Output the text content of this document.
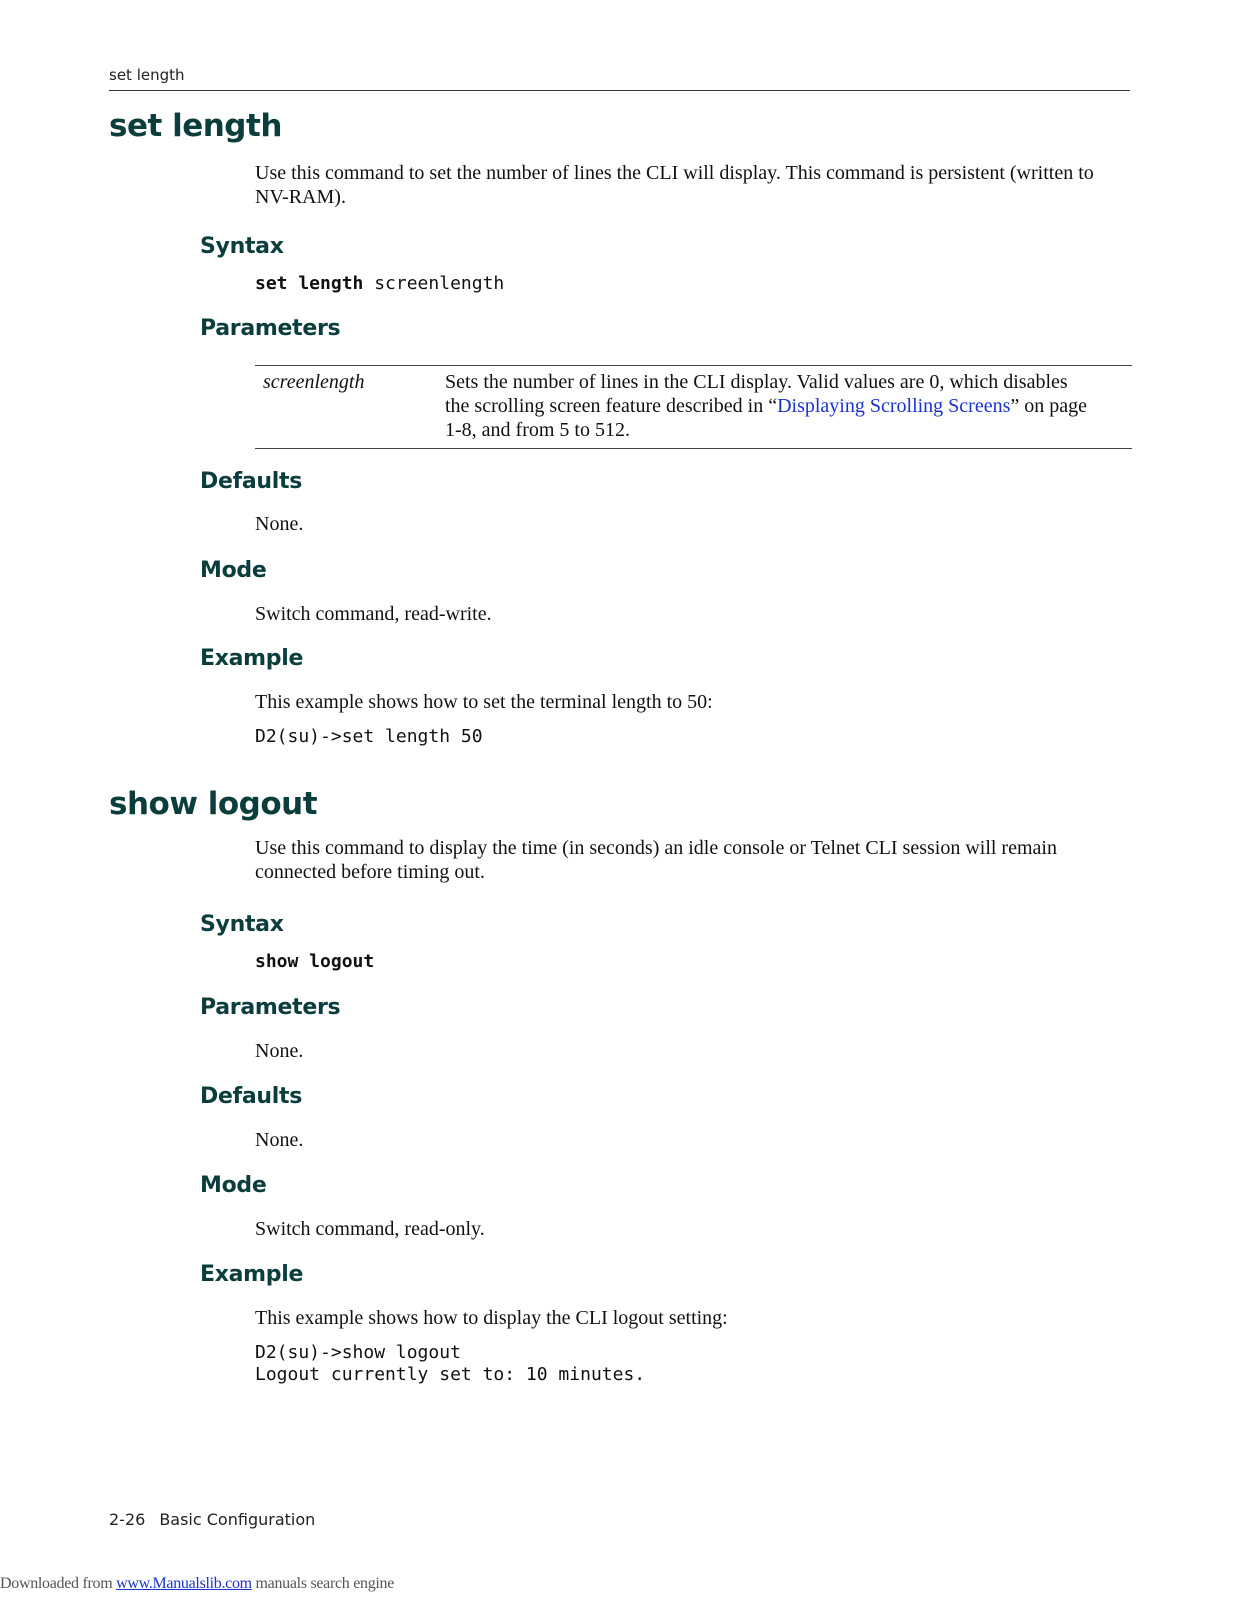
set length
set length
Use this command to set the number of lines the CLI will display. This command is persistent (written to NV-RAM).
Syntax
set length screenlength
Parameters
screenlength	Sets the number of lines in the CLI display. Valid values are 0, which disables the scrolling screen feature described in “Displaying Scrolling Screens” on page 1-8, and from 5 to 512.
Defaults
None.
Mode
Switch command, read-write.
Example
This example shows how to set the terminal length to 50:
D2(su)->set length 50
show logout
Use this command to display the time (in seconds) an idle console or Telnet CLI session will remain connected before timing out.
Syntax
show logout
Parameters
None.
Defaults
None.
Mode
Switch command, read-only.
Example
This example shows how to display the CLI logout setting:
D2(su)->show logout
Logout currently set to: 10 minutes.
2-26 Basic Configuration
Downloaded from www.Manualslib.com manuals search engine
